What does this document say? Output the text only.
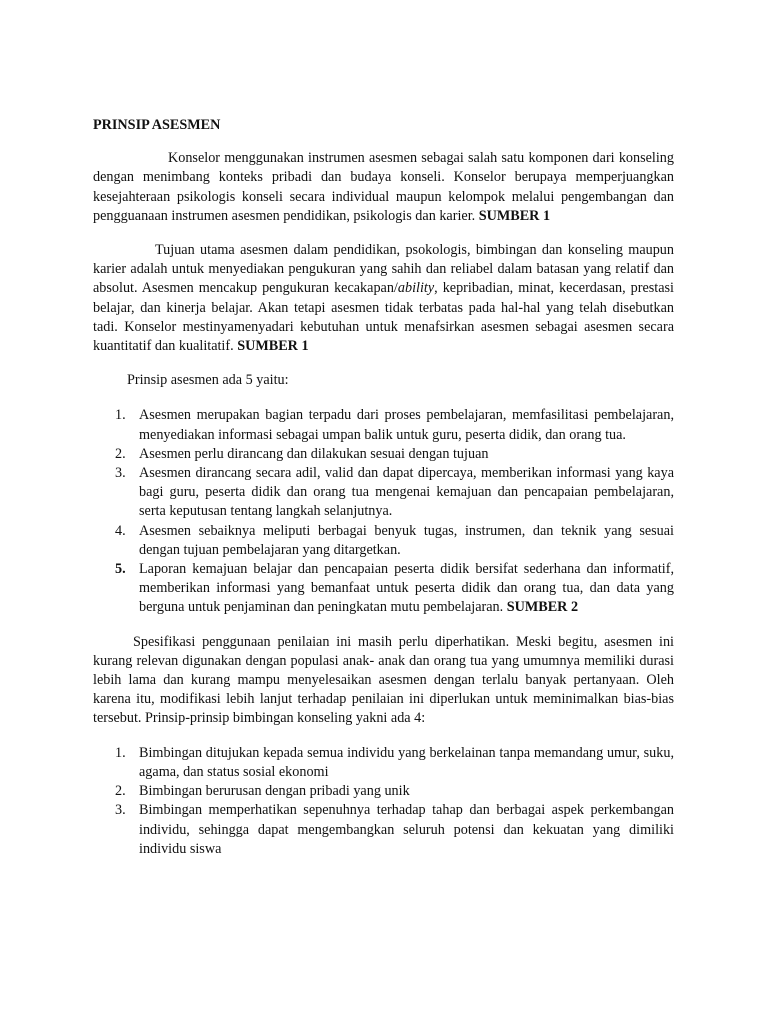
PRINSIP ASESMEN

Konselor menggunakan instrumen asesmen sebagai salah satu komponen dari konseling dengan menimbang konteks pribadi dan budaya konseli. Konselor berupaya memperjuangkan kesejahteraan psikologis konseli secara individual maupun kelompok melalui pengembangan dan pengguanaan instrumen asesmen pendidikan, psikologis dan karier. SUMBER 1

Tujuan utama asesmen dalam pendidikan, psokologis, bimbingan dan konseling maupun karier adalah untuk menyediakan pengukuran yang sahih dan reliabel dalam batasan yang relatif dan absolut. Asesmen mencakup pengukuran kecakapan/ability, kepribadian, minat, kecerdasan, prestasi belajar, dan kinerja belajar. Akan tetapi asesmen tidak terbatas pada hal-hal yang telah disebutkan tadi. Konselor mestinyamenyadari kebutuhan untuk menafsirkan asesmen sebagai asesmen secara kuantitatif dan kualitatif. SUMBER 1

Prinsip asesmen ada 5 yaitu:

1. Asesmen merupakan bagian terpadu dari proses pembelajaran, memfasilitasi pembelajaran, menyediakan informasi sebagai umpan balik untuk guru, peserta didik, dan orang tua.
2. Asesmen perlu dirancang dan dilakukan sesuai dengan tujuan
3. Asesmen dirancang secara adil, valid dan dapat dipercaya, memberikan informasi yang kaya bagi guru, peserta didik dan orang tua mengenai kemajuan dan pencapaian pembelajaran, serta keputusan tentang langkah selanjutnya.
4. Asesmen sebaiknya meliputi berbagai benyuk tugas, instrumen, dan teknik yang sesuai dengan tujuan pembelajaran yang ditargetkan.
5. Laporan kemajuan belajar dan pencapaian peserta didik bersifat sederhana dan informatif, memberikan informasi yang bemanfaat untuk peserta didik dan orang tua, dan data yang berguna untuk penjaminan dan peningkatan mutu pembelajaran. SUMBER 2

Spesifikasi penggunaan penilaian ini masih perlu diperhatikan. Meski begitu, asesmen ini kurang relevan digunakan dengan populasi anak- anak dan orang tua yang umumnya memiliki durasi lebih lama dan kurang mampu menyelesaikan asesmen dengan terlalu banyak pertanyaan. Oleh karena itu, modifikasi lebih lanjut terhadap penilaian ini diperlukan untuk meminimalkan bias-bias tersebut. Prinsip-prinsip bimbingan konseling yakni ada 4:

1. Bimbingan ditujukan kepada semua individu yang berkelainan tanpa memandang umur, suku, agama, dan status sosial ekonomi
2. Bimbingan berurusan dengan pribadi yang unik
3. Bimbingan memperhatikan sepenuhnya terhadap tahap dan berbagai aspek perkembangan individu, sehingga dapat mengembangkan seluruh potensi dan kekuatan yang dimiliki individu siswa
